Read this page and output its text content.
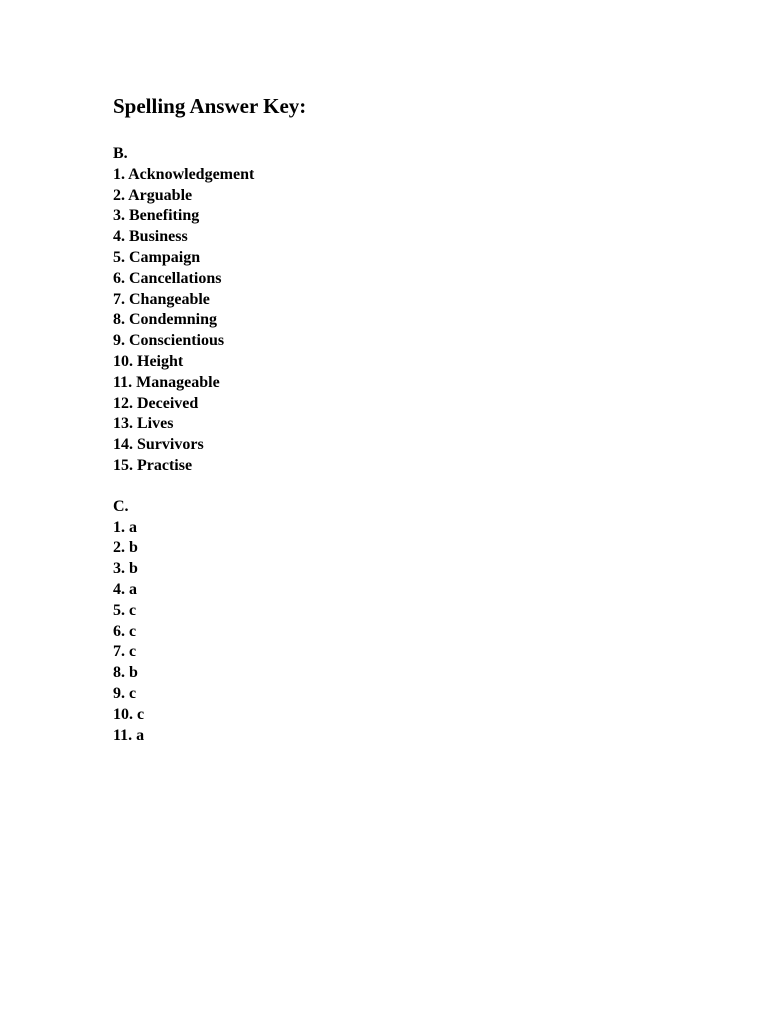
Spelling Answer Key:
B.
1. Acknowledgement
2. Arguable
3. Benefiting
4. Business
5. Campaign
6. Cancellations
7. Changeable
8. Condemning
9. Conscientious
10. Height
11. Manageable
12. Deceived
13. Lives
14. Survivors
15. Practise
C.
1. a
2. b
3. b
4. a
5. c
6. c
7. c
8. b
9. c
10. c
11. a
